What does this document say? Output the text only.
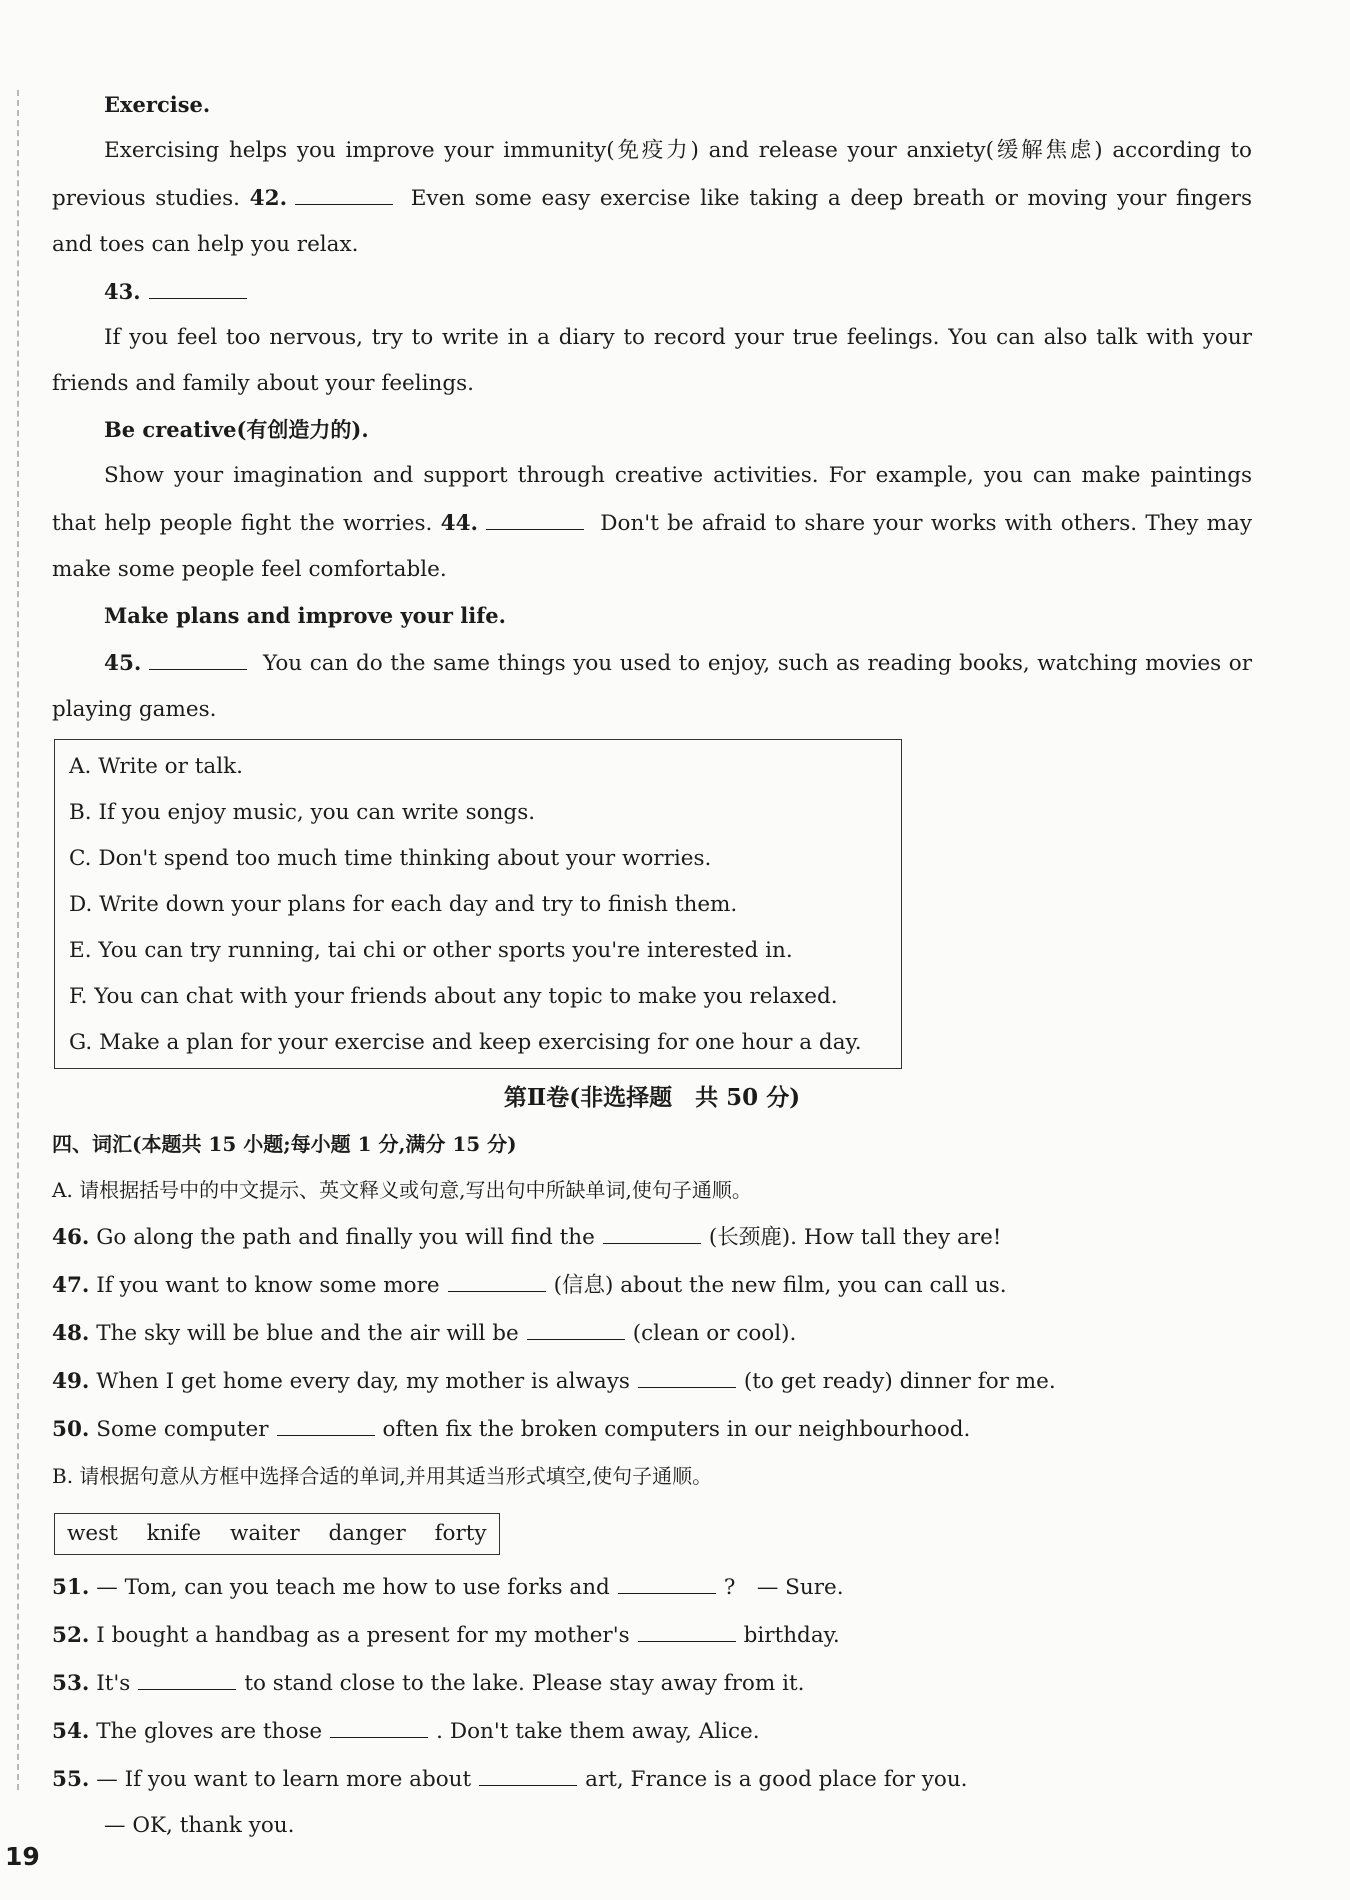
Exercise.

Exercising helps you improve your immunity(免疫力) and release your anxiety(缓解焦虑) according to previous studies. 42.	Even some easy exercise like taking a deep breath or moving your fingers and toes can help you relax.

43.

If you feel too nervous, try to write in a diary to record your true feelings. You can also talk with your friends and family about your feelings.

Be creative(有创造力的).

Show your imagination and support through creative activities. For example, you can make paintings that help people fight the worries. 44.	Don't be afraid to share your works with others. They may make some people feel comfortable.

Make plans and improve your life.

45.	You can do the same things you used to enjoy, such as reading books, watching movies or playing games.

A. Write or talk.

B. If you enjoy music, you can write songs.

C. Don't spend too much time thinking about your worries.

D. Write down your plans for each day and try to finish them.

E. You can try running, tai chi or other sports you're interested in.

F. You can chat with your friends about any topic to make you relaxed.

G. Make a plan for your exercise and keep exercising for one hour a day.

第Ⅱ卷(非选择题　共 50 分)

四、词汇(本题共 15 小题;每小题 1 分,满分 15 分)

A. 请根据括号中的中文提示、英文释义或句意,写出句中所缺单词,使句子通顺。

46. Go along the path and finally you will find the	(长颈鹿). How tall they are!

47. If you want to know some more	(信息) about the new film, you can call us.

48. The sky will be blue and the air will be	(clean or cool).

49. When I get home every day, my mother is always	(to get ready) dinner for me.

50. Some computer	often fix the broken computers in our neighbourhood.

B. 请根据句意从方框中选择合适的单词,并用其适当形式填空,使句子通顺。

west knife waiter danger forty

51. — Tom, can you teach me how to use forks and	?　— Sure.

52. I bought a handbag as a present for my mother's	birthday.

53. It's	to stand close to the lake. Please stay away from it.

54. The gloves are those	. Don't take them away, Alice.

55. — If you want to learn more about	art, France is a good place for you.

— OK, thank you.

19
